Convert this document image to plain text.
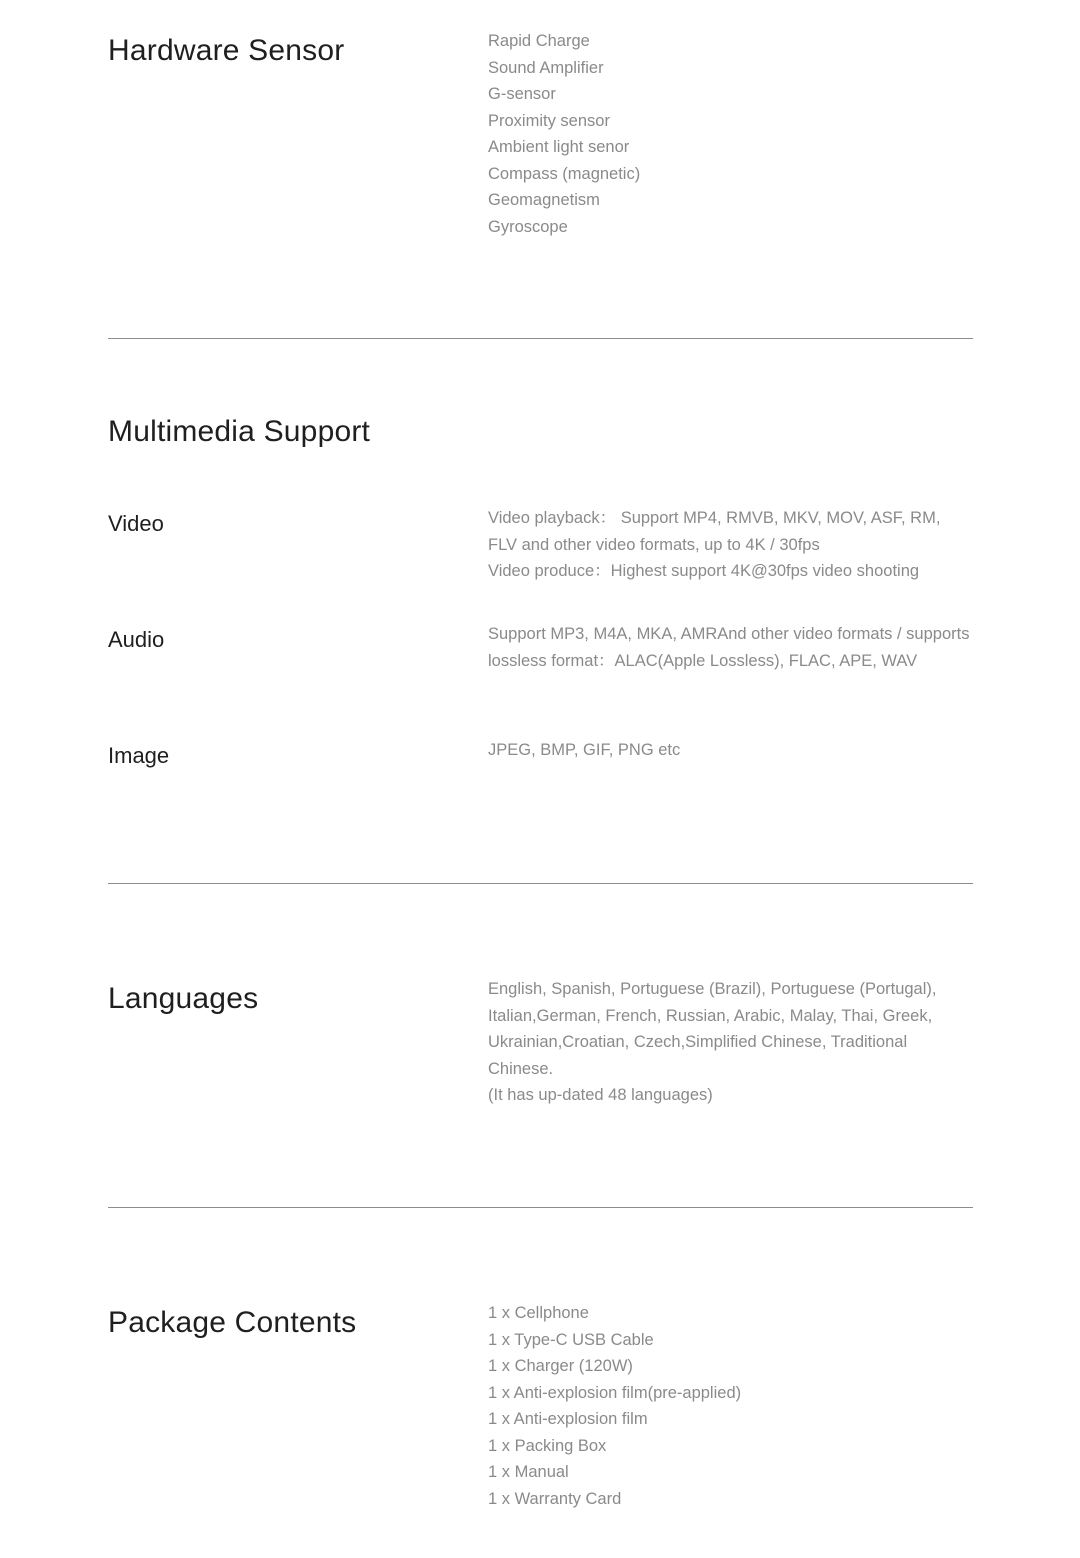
Hardware Sensor	Rapid Charge
Sound Amplifier
G-sensor
Proximity sensor
Ambient light senor
Compass (magnetic)
Geomagnetism
Gyroscope
Multimedia Support
Video	Video playback： Support MP4, RMVB, MKV, MOV, ASF, RM, FLV and other video formats, up to 4K / 30fps
Video produce：Highest support 4K@30fps video shooting
Audio	Support MP3, M4A, MKA, AMRAnd other video formats / supports lossless format：ALAC(Apple Lossless), FLAC, APE, WAV
Image	JPEG, BMP, GIF, PNG etc
Languages	English, Spanish, Portuguese (Brazil), Portuguese (Portugal), Italian,German, French, Russian, Arabic, Malay, Thai, Greek, Ukrainian,Croatian, Czech,Simplified Chinese, Traditional Chinese.
(It has up-dated 48 languages)
Package Contents	1 x Cellphone
1 x Type-C USB Cable
1 x Charger (120W)
1 x Anti-explosion film(pre-applied)
1 x Anti-explosion film
1 x Packing Box
1 x Manual
1 x Warranty Card
